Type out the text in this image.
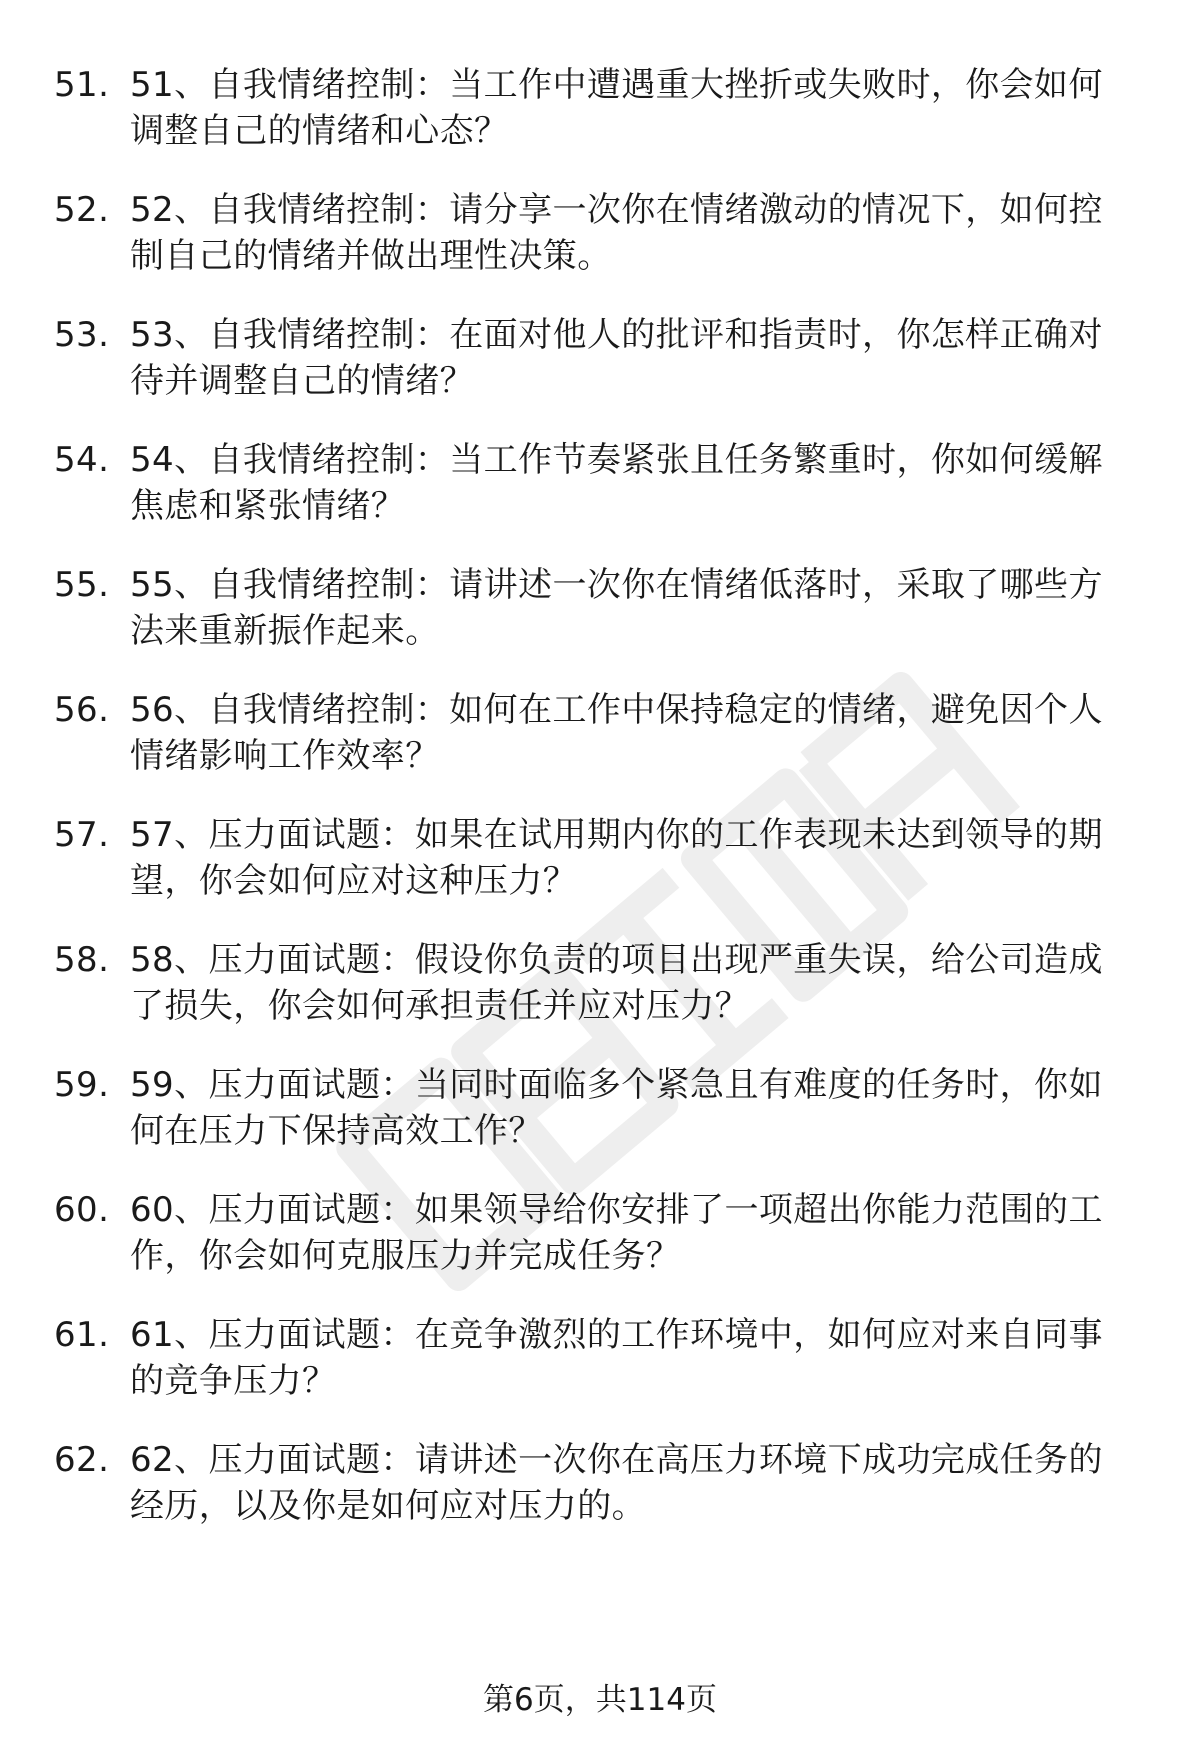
51. 51、自我情绪控制：当工作中遭遇重大挫折或失败时，你会如何
调整自己的情绪和心态？
52. 52、自我情绪控制：请分享一次你在情绪激动的情况下，如何控
制自己的情绪并做出理性决策。
53. 53、自我情绪控制：在面对他人的批评和指责时，你怎样正确对
待并调整自己的情绪？
54. 54、自我情绪控制：当工作节奏紧张且任务繁重时，你如何缓解
焦虑和紧张情绪？
55. 55、自我情绪控制：请讲述一次你在情绪低落时，采取了哪些方
法来重新振作起来。
56. 56、自我情绪控制：如何在工作中保持稳定的情绪，避免因个人
情绪影响工作效率？
57. 57、压力面试题：如果在试用期内你的工作表现未达到领导的期
望，你会如何应对这种压力？
58. 58、压力面试题：假设你负责的项目出现严重失误，给公司造成
了损失，你会如何承担责任并应对压力？
59. 59、压力面试题：当同时面临多个紧急且有难度的任务时，你如
何在压力下保持高效工作？
60. 60、压力面试题：如果领导给你安排了一项超出你能力范围的工
作，你会如何克服压力并完成任务？
61. 61、压力面试题：在竞争激烈的工作环境中，如何应对来自同事
的竞争压力？
62. 62、压力面试题：请讲述一次你在高压力环境下成功完成任务的
经历，以及你是如何应对压力的。
第6页，共114页
